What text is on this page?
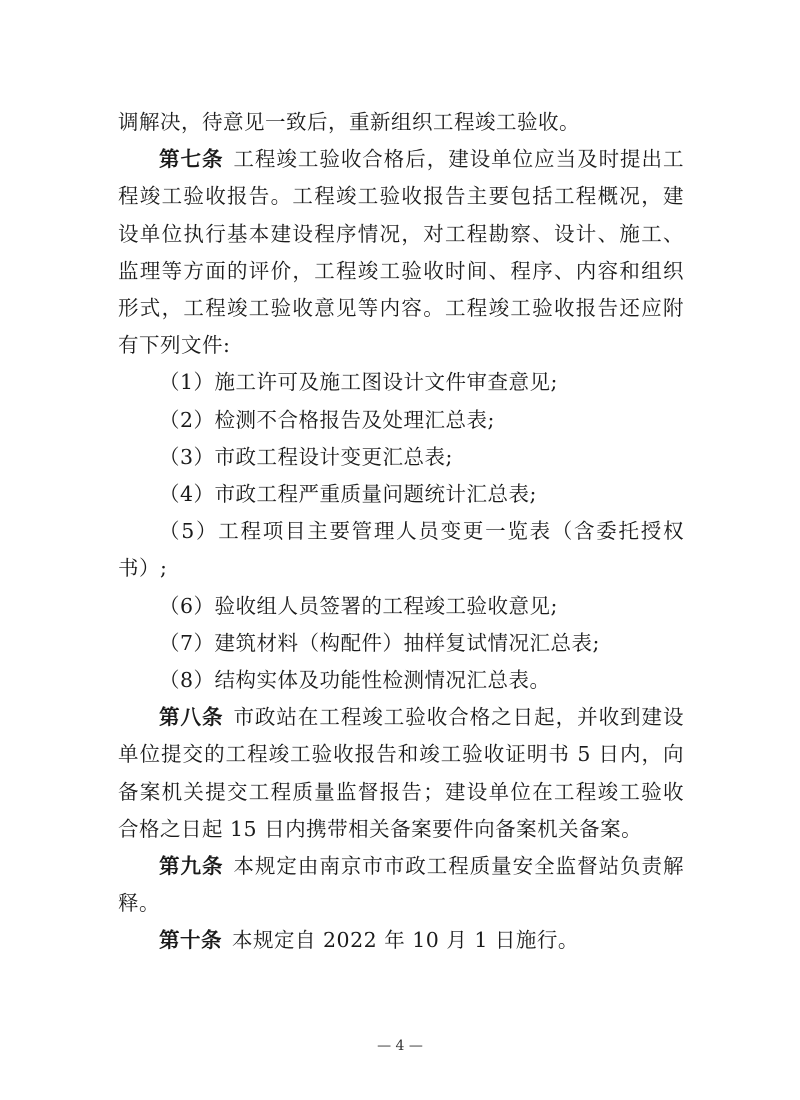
调解决，待意见一致后，重新组织工程竣工验收。

第七条 工程竣工验收合格后，建设单位应当及时提出工程竣工验收报告。工程竣工验收报告主要包括工程概况，建设单位执行基本建设程序情况，对工程勘察、设计、施工、监理等方面的评价，工程竣工验收时间、程序、内容和组织形式，工程竣工验收意见等内容。工程竣工验收报告还应附有下列文件:

（1）施工许可及施工图设计文件审查意见;

（2）检测不合格报告及处理汇总表;

（3）市政工程设计变更汇总表;

（4）市政工程严重质量问题统计汇总表;

（5）工程项目主要管理人员变更一览表（含委托授权书）;

（6）验收组人员签署的工程竣工验收意见;

（7）建筑材料（构配件）抽样复试情况汇总表;

（8）结构实体及功能性检测情况汇总表。

第八条 市政站在工程竣工验收合格之日起，并收到建设单位提交的工程竣工验收报告和竣工验收证明书 5 日内，向备案机关提交工程质量监督报告；建设单位在工程竣工验收合格之日起 15 日内携带相关备案要件向备案机关备案。

第九条 本规定由南京市市政工程质量安全监督站负责解释。

第十条 本规定自 2022 年 10 月 1 日施行。

— 4 —
